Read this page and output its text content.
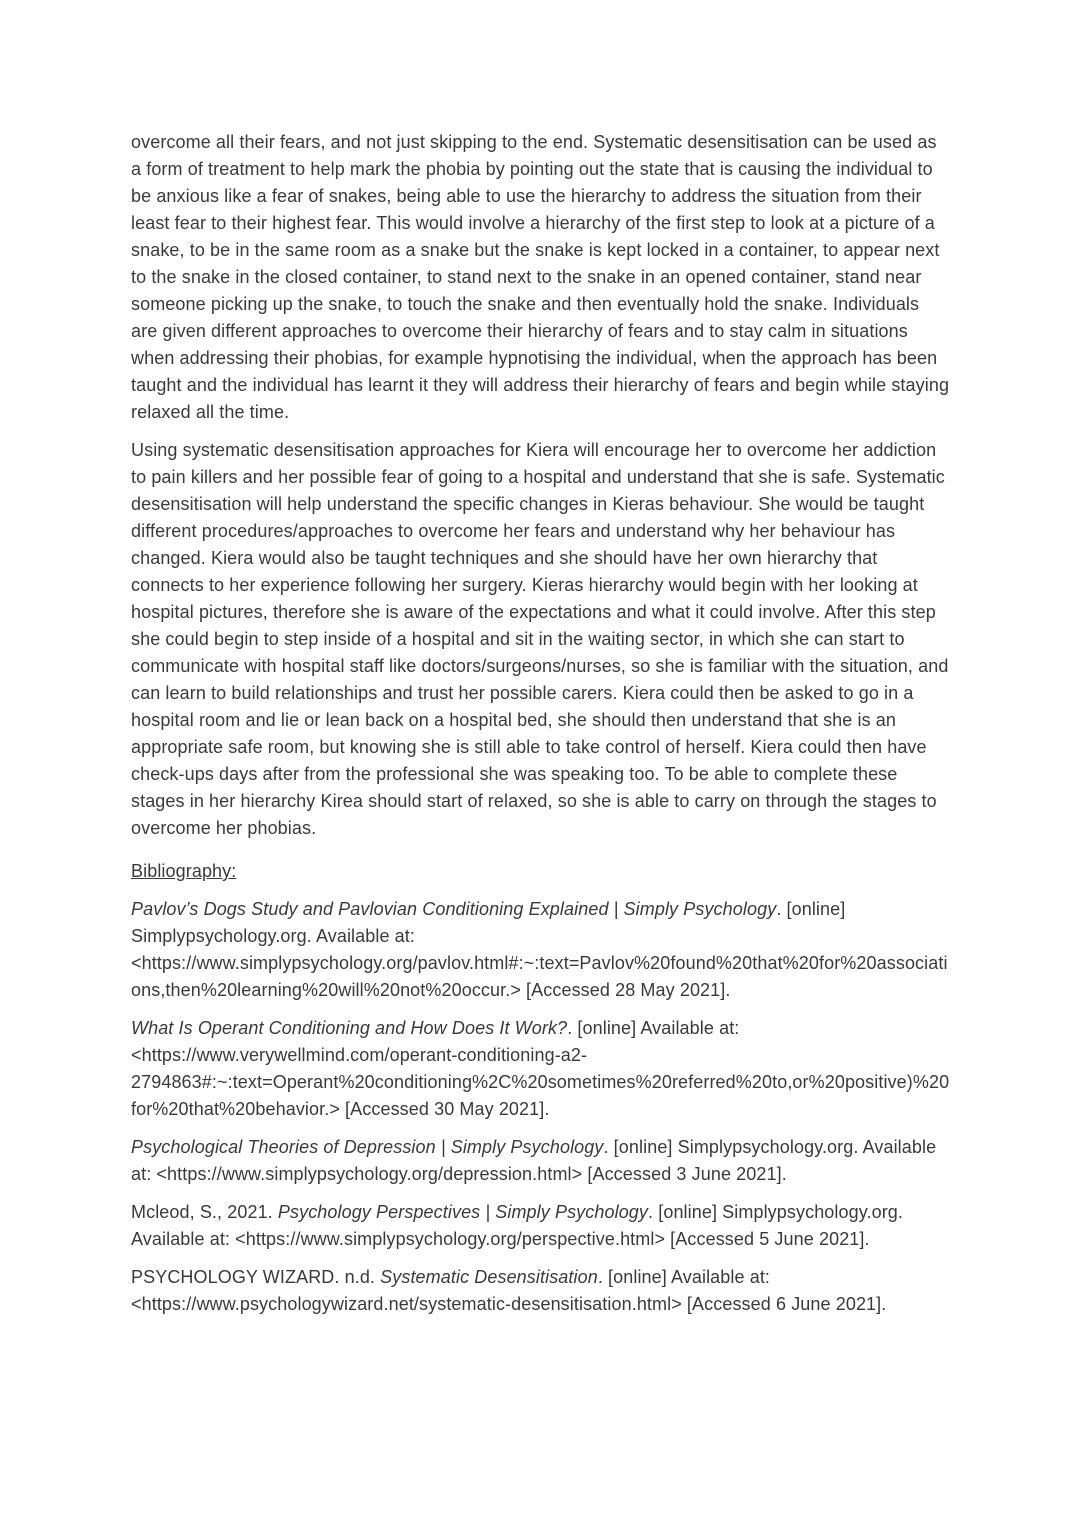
overcome all their fears, and not just skipping to the end. Systematic desensitisation can be used as a form of treatment to help mark the phobia by pointing out the state that is causing the individual to be anxious like a fear of snakes, being able to use the hierarchy to address the situation from their least fear to their highest fear. This would involve a hierarchy of the first step to look at a picture of a snake, to be in the same room as a snake but the snake is kept locked in a container, to appear next to the snake in the closed container, to stand next to the snake in an opened container, stand near someone picking up the snake, to touch the snake and then eventually hold the snake. Individuals are given different approaches to overcome their hierarchy of fears and to stay calm in situations when addressing their phobias, for example hypnotising the individual, when the approach has been taught and the individual has learnt it they will address their hierarchy of fears and begin while staying relaxed all the time.

Using systematic desensitisation approaches for Kiera will encourage her to overcome her addiction to pain killers and her possible fear of going to a hospital and understand that she is safe. Systematic desensitisation will help understand the specific changes in Kieras behaviour. She would be taught different procedures/approaches to overcome her fears and understand why her behaviour has changed. Kiera would also be taught techniques and she should have her own hierarchy that connects to her experience following her surgery. Kieras hierarchy would begin with her looking at hospital pictures, therefore she is aware of the expectations and what it could involve. After this step she could begin to step inside of a hospital and sit in the waiting sector, in which she can start to communicate with hospital staff like doctors/surgeons/nurses, so she is familiar with the situation, and can learn to build relationships and trust her possible carers. Kiera could then be asked to go in a hospital room and lie or lean back on a hospital bed, she should then understand that she is an appropriate safe room, but knowing she is still able to take control of herself. Kiera could then have check-ups days after from the professional she was speaking too. To be able to complete these stages in her hierarchy Kirea should start of relaxed, so she is able to carry on through the stages to overcome her phobias.

Bibliography:

Pavlov’s Dogs Study and Pavlovian Conditioning Explained | Simply Psychology. [online] Simplypsychology.org. Available at: <https://www.simplypsychology.org/pavlov.html#:~:text=Pavlov%20found%20that%20for%20associations,then%20learning%20will%20not%20occur.> [Accessed 28 May 2021].

What Is Operant Conditioning and How Does It Work?. [online] Available at: <https://www.verywellmind.com/operant-conditioning-a2-2794863#:~:text=Operant%20conditioning%2C%20sometimes%20referred%20to,or%20positive)%20for%20that%20behavior.> [Accessed 30 May 2021].

Psychological Theories of Depression | Simply Psychology. [online] Simplypsychology.org. Available at: <https://www.simplypsychology.org/depression.html> [Accessed 3 June 2021].

Mcleod, S., 2021. Psychology Perspectives | Simply Psychology. [online] Simplypsychology.org. Available at: <https://www.simplypsychology.org/perspective.html> [Accessed 5 June 2021].

PSYCHOLOGY WIZARD. n.d. Systematic Desensitisation. [online] Available at: <https://www.psychologywizard.net/systematic-desensitisation.html> [Accessed 6 June 2021].
